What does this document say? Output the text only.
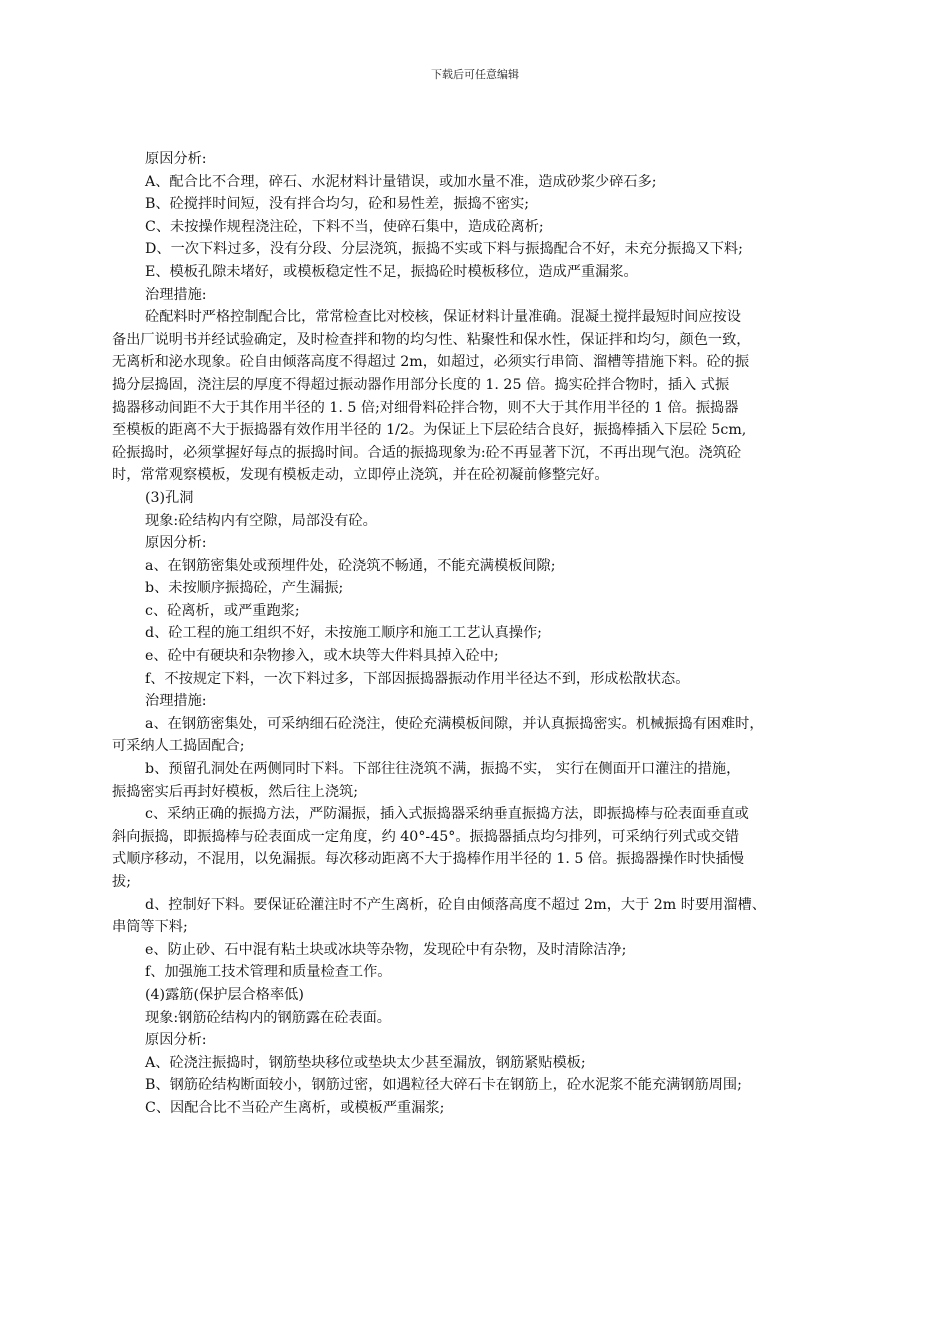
下载后可任意编辑
原因分析:
A、配合比不合理，碎石、水泥材料计量错误，或加水量不准，造成砂浆少碎石多;
B、砼搅拌时间短，没有拌合均匀，砼和易性差，振捣不密实;
C、未按操作规程浇注砼，下料不当，使碎石集中，造成砼离析;
D、一次下料过多，没有分段、分层浇筑，振捣不实或下料与振捣配合不好，未充分振捣又下料;
E、模板孔隙未堵好，或模板稳定性不足，振捣砼时模板移位，造成严重漏浆。
治理措施:
砼配料时严格控制配合比，常常检查比对校核，保证材料计量准确。混凝土搅拌最短时间应按设
备出厂说明书并经试验确定，及时检查拌和物的均匀性、粘聚性和保水性，保证拌和均匀，颜色一致，
无离析和泌水现象。砼自由倾落高度不得超过 2m，如超过，必须实行串筒、溜槽等措施下料。砼的振
捣分层捣固，浇注层的厚度不得超过振动器作用部分长度的 1. 25 倍。捣实砼拌合物时，插入 式振
捣器移动间距不大于其作用半径的 1. 5 倍;对细骨料砼拌合物，则不大于其作用半径的 1 倍。振捣器
至模板的距离不大于振捣器有效作用半径的 1/2。为保证上下层砼结合良好，振捣棒插入下层砼 5cm,
砼振捣时，必须掌握好每点的振捣时间。合适的振捣现象为:砼不再显著下沉，不再出现气泡。浇筑砼
时，常常观察模板，发现有模板走动，立即停止浇筑，并在砼初凝前修整完好。
(3)孔洞
现象:砼结构内有空隙，局部没有砼。
原因分析:
a、在钢筋密集处或预埋件处，砼浇筑不畅通，不能充满模板间隙;
b、未按顺序振捣砼，产生漏振;
c、砼离析，或严重跑浆;
d、砼工程的施工组织不好，未按施工顺序和施工工艺认真操作;
e、砼中有硬块和杂物掺入，或木块等大件料具掉入砼中;
f、不按规定下料，一次下料过多，下部因振捣器振动作用半径达不到，形成松散状态。
治理措施:
a、在钢筋密集处，可采纳细石砼浇注，使砼充满模板间隙，并认真振捣密实。机械振捣有困难时，
可采纳人工捣固配合;
b、预留孔洞处在两侧同时下料。下部往往浇筑不满，振捣不实， 实行在侧面开口灌注的措施，
振捣密实后再封好模板，然后往上浇筑;
c、采纳正确的振捣方法，严防漏振，插入式振捣器采纳垂直振捣方法，即振捣棒与砼表面垂直或
斜向振捣，即振捣棒与砼表面成一定角度，约 40°-45°。振捣器插点均匀排列，可采纳行列式或交错
式顺序移动，不混用，以免漏振。每次移动距离不大于捣棒作用半径的 1. 5 倍。振捣器操作时快插慢
拔;
d、控制好下料。要保证砼灌注时不产生离析，砼自由倾落高度不超过 2m，大于 2m 时要用溜槽、
串筒等下料;
e、防止砂、石中混有粘土块或冰块等杂物，发现砼中有杂物，及时清除洁净;
f、加强施工技术管理和质量检查工作。
(4)露筋(保护层合格率低)
现象:钢筋砼结构内的钢筋露在砼表面。
原因分析:
A、砼浇注振捣时，钢筋垫块移位或垫块太少甚至漏放，钢筋紧贴模板;
B、钢筋砼结构断面较小，钢筋过密，如遇粒径大碎石卡在钢筋上，砼水泥浆不能充满钢筋周围;
C、因配合比不当砼产生离析，或模板严重漏浆;
